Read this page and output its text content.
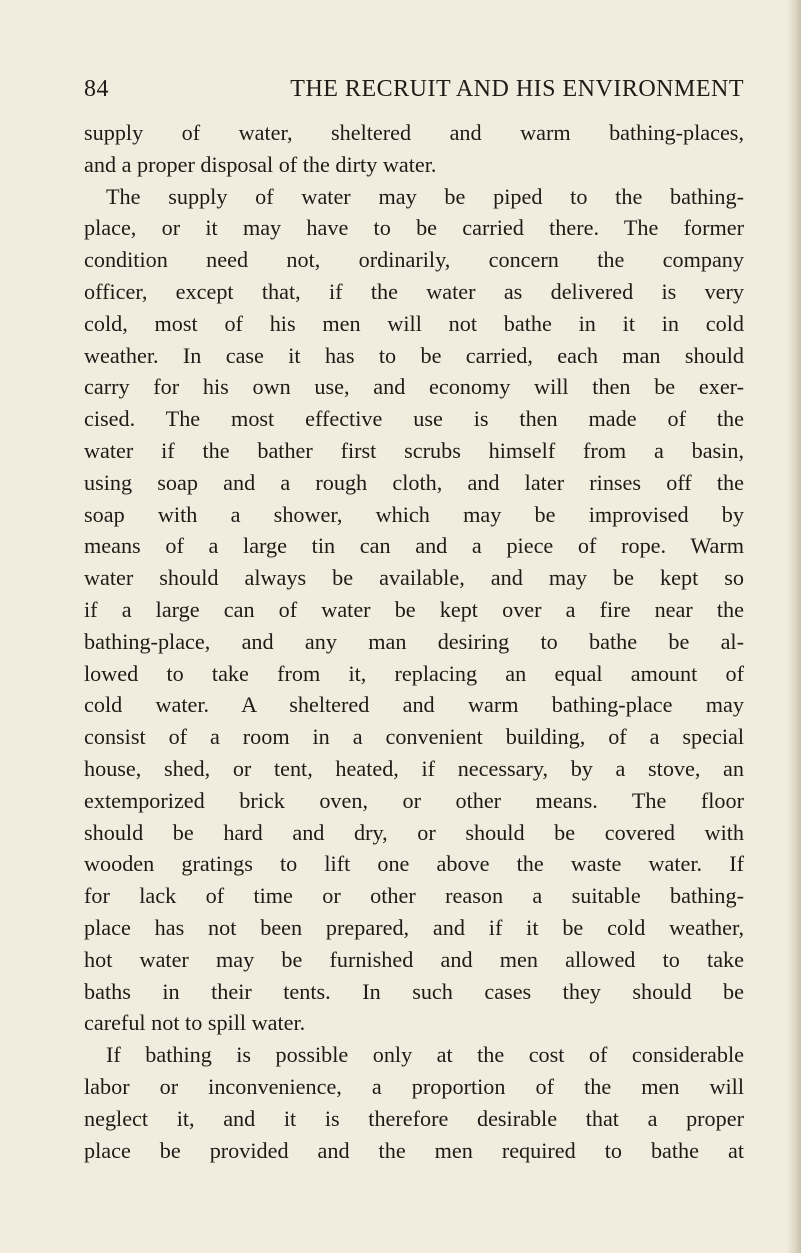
84	THE RECRUIT AND HIS ENVIRONMENT
supply of water, sheltered and warm bathing-places,
and a proper disposal of the dirty water.
The supply of water may be piped to the bathing-
place, or it may have to be carried there. The former
condition need not, ordinarily, concern the company
officer, except that, if the water as delivered is very
cold, most of his men will not bathe in it in cold
weather. In case it has to be carried, each man should
carry for his own use, and economy will then be exer-
cised. The most effective use is then made of the
water if the bather first scrubs himself from a basin,
using soap and a rough cloth, and later rinses off the
soap with a shower, which may be improvised by
means of a large tin can and a piece of rope. Warm
water should always be available, and may be kept so
if a large can of water be kept over a fire near the
bathing-place, and any man desiring to bathe be al-
lowed to take from it, replacing an equal amount of
cold water. A sheltered and warm bathing-place may
consist of a room in a convenient building, of a special
house, shed, or tent, heated, if necessary, by a stove, an
extemporized brick oven, or other means. The floor
should be hard and dry, or should be covered with
wooden gratings to lift one above the waste water. If
for lack of time or other reason a suitable bathing-
place has not been prepared, and if it be cold weather,
hot water may be furnished and men allowed to take
baths in their tents. In such cases they should be
careful not to spill water.
If bathing is possible only at the cost of considerable
labor or inconvenience, a proportion of the men will
neglect it, and it is therefore desirable that a proper
place be provided and the men required to bathe at
